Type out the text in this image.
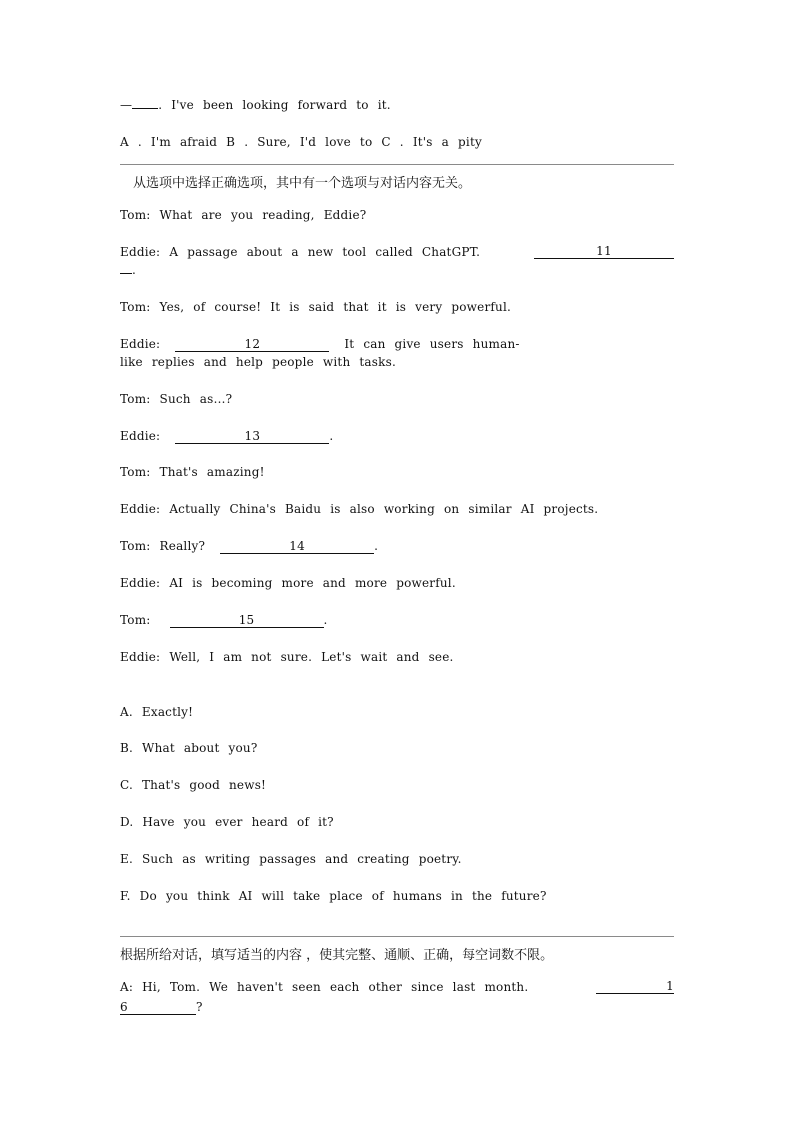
— . I've been looking forward to it.
A . I'm afraid B . Sure, I'd love to C . It's a pity
从选项中选择正确选项，其中有一个选项与对话内容无关。
Tom: What are you reading, Eddie?
Eddie: A passage about a new tool called ChatGPT.	11
.
Tom: Yes, of course! It is said that it is very powerful.
Eddie:	12	It can give users human-
like replies and help people with tasks.
Tom: Such as…?
Eddie:	13	.
Tom: That's amazing!
Eddie: Actually China's Baidu is also working on similar AI projects.
Tom: Really?	14	.
Eddie: AI is becoming more and more powerful.
Tom:	15	.
Eddie: Well, I am not sure. Let's wait and see.
A. Exactly!
B. What about you?
C. That's good news!
D. Have you ever heard of it?
E. Such as writing passages and creating poetry.
F. Do you think AI will take place of humans in the future?
根据所给对话，填写适当的内容 ，使其完整、通顺、正确，每空词数不限。
A: Hi, Tom. We haven't seen each other since last month.	1
6	?
